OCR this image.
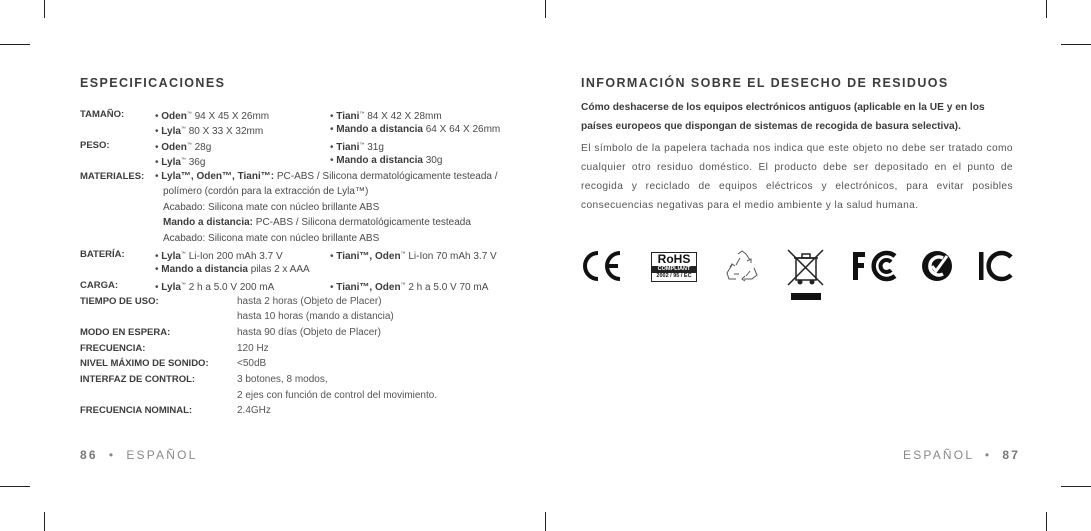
ESPECIFICACIONES
TAMAÑO:	• Oden™ 94 X 45 X 26mm	• Tiani™ 84 X 42 X 28mm
• Lyla™ 80 X 33 X 32mm	• Mando a distancia 64 X 64 X 26mm
PESO:	• Oden™ 28g	• Tiani™ 31g
• Lyla™ 36g	• Mando a distancia 30g
MATERIALES: • Lyla™, Oden™, Tiani™: PC-ABS / Silicona dermatológicamente testeada /
polímero (cordón para la extracción de Lyla™)
Acabado: Silicona mate con núcleo brillante ABS
Mando a distancia: PC-ABS / Silicona dermatológicamente testeada
Acabado: Silicona mate con núcleo brillante ABS
BATERÍA:	• Lyla™ Li-Ion 200 mAh 3.7 V	• Tiani™, Oden™ Li-Ion 70 mAh 3.7 V
• Mando a distancia pilas 2 x AAA
CARGA:	• Lyla™ 2 h a 5.0 V 200 mA	• Tiani™, Oden™ 2 h a 5.0 V 70 mA
TIEMPO DE USO:	hasta 2 horas (Objeto de Placer)
hasta 10 horas (mando a distancia)
MODO EN ESPERA:	hasta 90 días (Objeto de Placer)
FRECUENCIA:	120 Hz
NIVEL MÁXIMO DE SONIDO:	<50dB
INTERFAZ DE CONTROL:	3 botones, 8 modos,
2 ejes con función de control del movimiento.
FRECUENCIA NOMINAL:	2.4GHz
INFORMACIÓN SOBRE EL DESECHO DE RESIDUOS
Cómo deshacerse de los equipos electrónicos antiguos (aplicable en la UE y en los países europeos que dispongan de sistemas de recogida de basura selectiva).
El símbolo de la papelera tachada nos indica que este objeto no debe ser tratado como cualquier otro residuo doméstico. El producto debe ser depositado en el punto de recogida y reciclado de equipos eléctricos y electrónicos, para evitar posibles consecuencias negativas para el medio ambiente y la salud humana.
RoHS
COMPLIANT
2002 / 95 / EC
86 • ESPAÑOL	ESPAÑOL • 87
